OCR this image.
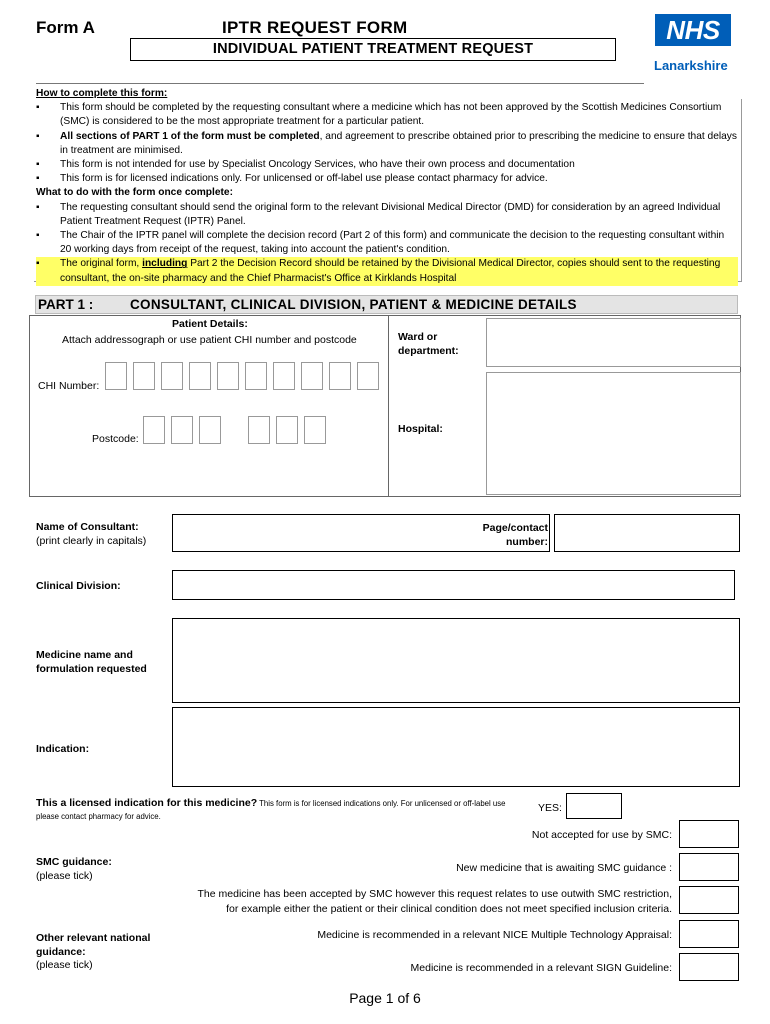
Form A	IPTR REQUEST FORM
INDIVIDUAL PATIENT TREATMENT REQUEST
NHS
Lanarkshire
How to complete this form:
▪ This form should be completed by the requesting consultant where a medicine which has not been approved by the Scottish Medicines Consortium (SMC) is considered to be the most appropriate treatment for a particular patient.
▪ All sections of PART 1 of the form must be completed, and agreement to prescribe obtained prior to prescribing the medicine to ensure that delays in treatment are minimised.
▪ This form is not intended for use by Specialist Oncology Services, who have their own process and documentation
▪ This form is for licensed indications only. For unlicensed or off-label use please contact pharmacy for advice.
What to do with the form once complete:
▪ The requesting consultant should send the original form to the relevant Divisional Medical Director (DMD) for consideration by an agreed Individual Patient Treatment Request (IPTR) Panel.
▪ The Chair of the IPTR panel will complete the decision record (Part 2 of this form) and communicate the decision to the requesting consultant within 20 working days from receipt of the request, taking into account the patient's condition.
▪ The original form, including Part 2 the Decision Record should be retained by the Divisional Medical Director, copies should sent to the requesting consultant, the on-site pharmacy and the Chief Pharmacist's Office at Kirklands Hospital
PART 1 :	CONSULTANT, CLINICAL DIVISION, PATIENT & MEDICINE DETAILS
Patient Details:
Attach addressograph or use patient CHI number and postcode
CHI Number:
Postcode:
Ward or department:
Hospital:
Name of Consultant:
(print clearly in capitals)
Page/contact number:
Clinical Division:
Medicine name and formulation requested
Indication:
This a licensed indication for this medicine? This form is for licensed indications only. For unlicensed or off-label use please contact pharmacy for advice.
YES:
SMC guidance:
(please tick)
Not accepted for use by SMC:
New medicine that is awaiting SMC guidance :
The medicine has been accepted by SMC however this request relates to use outwith SMC restriction, for example either the patient or their clinical condition does not meet specified inclusion criteria.
Other relevant national guidance:
(please tick)
Medicine is recommended in a relevant NICE Multiple Technology Appraisal:
Medicine is recommended in a relevant SIGN Guideline:
Page 1 of 6
